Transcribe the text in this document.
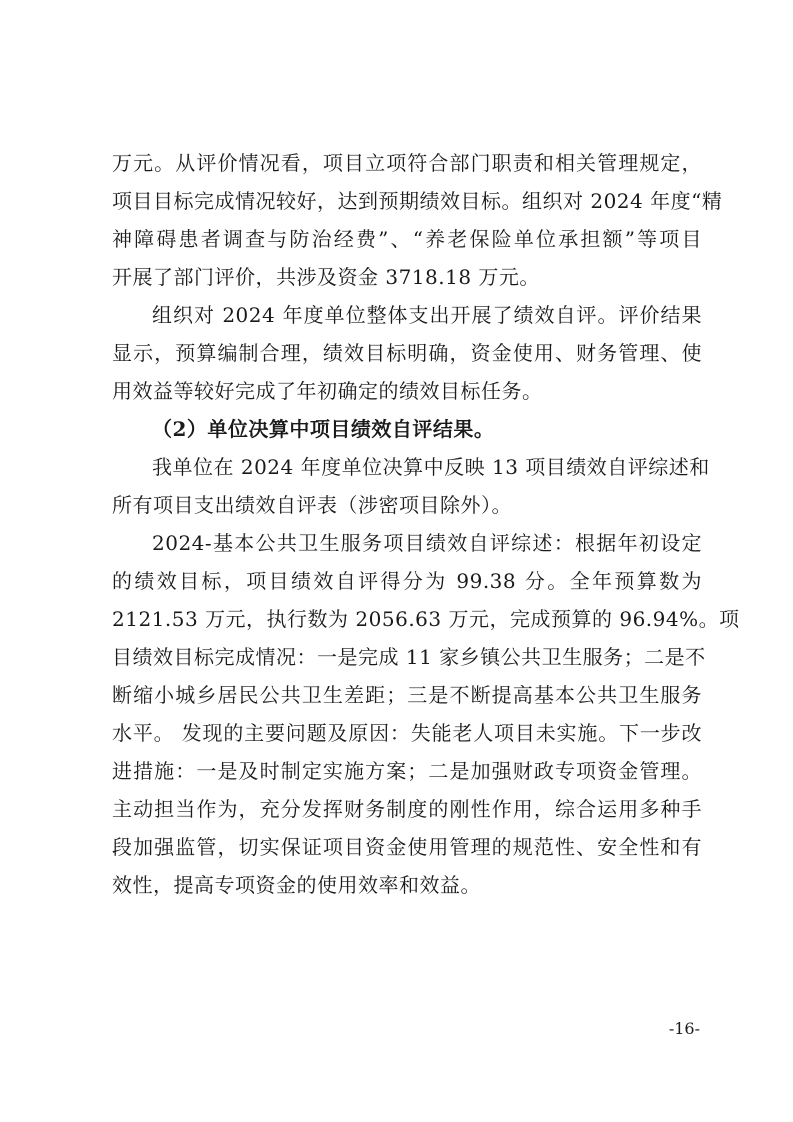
万元。从评价情况看，项目立项符合部门职责和相关管理规定，
项目目标完成情况较好，达到预期绩效目标。组织对 2024 年度“精
神障碍患者调查与防治经费”、“养老保险单位承担额”等项目
开展了部门评价，共涉及资金 3718.18 万元。
组织对 2024 年度单位整体支出开展了绩效自评。评价结果
显示，预算编制合理，绩效目标明确，资金使用、财务管理、使
用效益等较好完成了年初确定的绩效目标任务。
（2）单位决算中项目绩效自评结果。
我单位在 2024 年度单位决算中反映 13 项目绩效自评综述和
所有项目支出绩效自评表（涉密项目除外）。
2024-基本公共卫生服务项目绩效自评综述：根据年初设定
的绩效目标，项目绩效自评得分为 99.38 分。全年预算数为
2121.53 万元，执行数为 2056.63 万元，完成预算的 96.94%。项
目绩效目标完成情况：一是完成 11 家乡镇公共卫生服务；二是不
断缩小城乡居民公共卫生差距；三是不断提高基本公共卫生服务
水平。 发现的主要问题及原因：失能老人项目未实施。下一步改
进措施：一是及时制定实施方案；二是加强财政专项资金管理。
主动担当作为，充分发挥财务制度的刚性作用，综合运用多种手
段加强监管，切实保证项目资金使用管理的规范性、安全性和有
效性，提高专项资金的使用效率和效益。
-16-
